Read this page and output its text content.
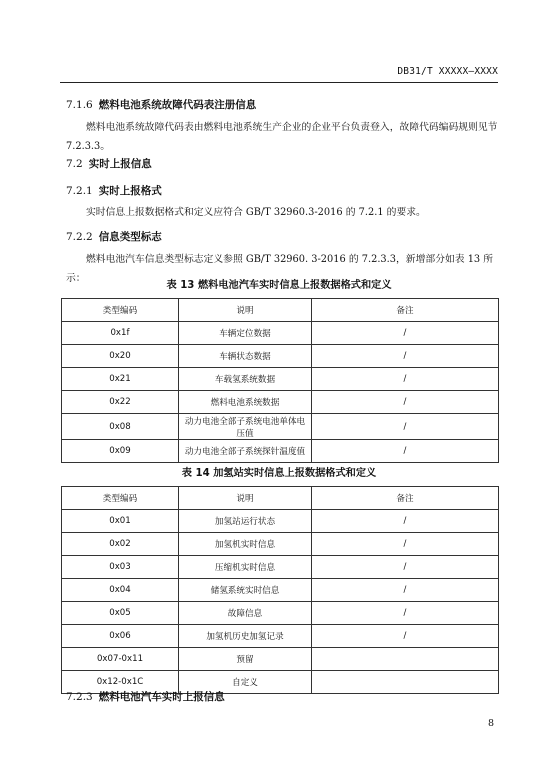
DB31/T XXXXX—XXXX
7.1.6 燃料电池系统故障代码表注册信息
燃料电池系统故障代码表由燃料电池系统生产企业的企业平台负责登入，故障代码编码规则见节7.2.3.3。
7.2 实时上报信息
7.2.1 实时上报格式
实时信息上报数据格式和定义应符合 GB/T 32960.3-2016 的 7.2.1 的要求。
7.2.2 信息类型标志
燃料电池汽车信息类型标志定义参照 GB/T 32960. 3-2016 的 7.2.3.3，新增部分如表 13 所示：
表 13 燃料电池汽车实时信息上报数据格式和定义
类型编码	说明	备注
0x1f	车辆定位数据	/
0x20	车辆状态数据	/
0x21	车载氢系统数据	/
0x22	燃料电池系统数据	/
0x08	动力电池全部子系统电池单体电压值	/
0x09	动力电池全部子系统探针温度值	/
表 14 加氢站实时信息上报数据格式和定义
类型编码	说明	备注
0x01	加氢站运行状态	/
0x02	加氢机实时信息	/
0x03	压缩机实时信息	/
0x04	储氢系统实时信息	/
0x05	故障信息	/
0x06	加氢机历史加氢记录	/
0x07-0x11	预留	
0x12-0x1C	自定义	
7.2.3 燃料电池汽车实时上报信息
8
